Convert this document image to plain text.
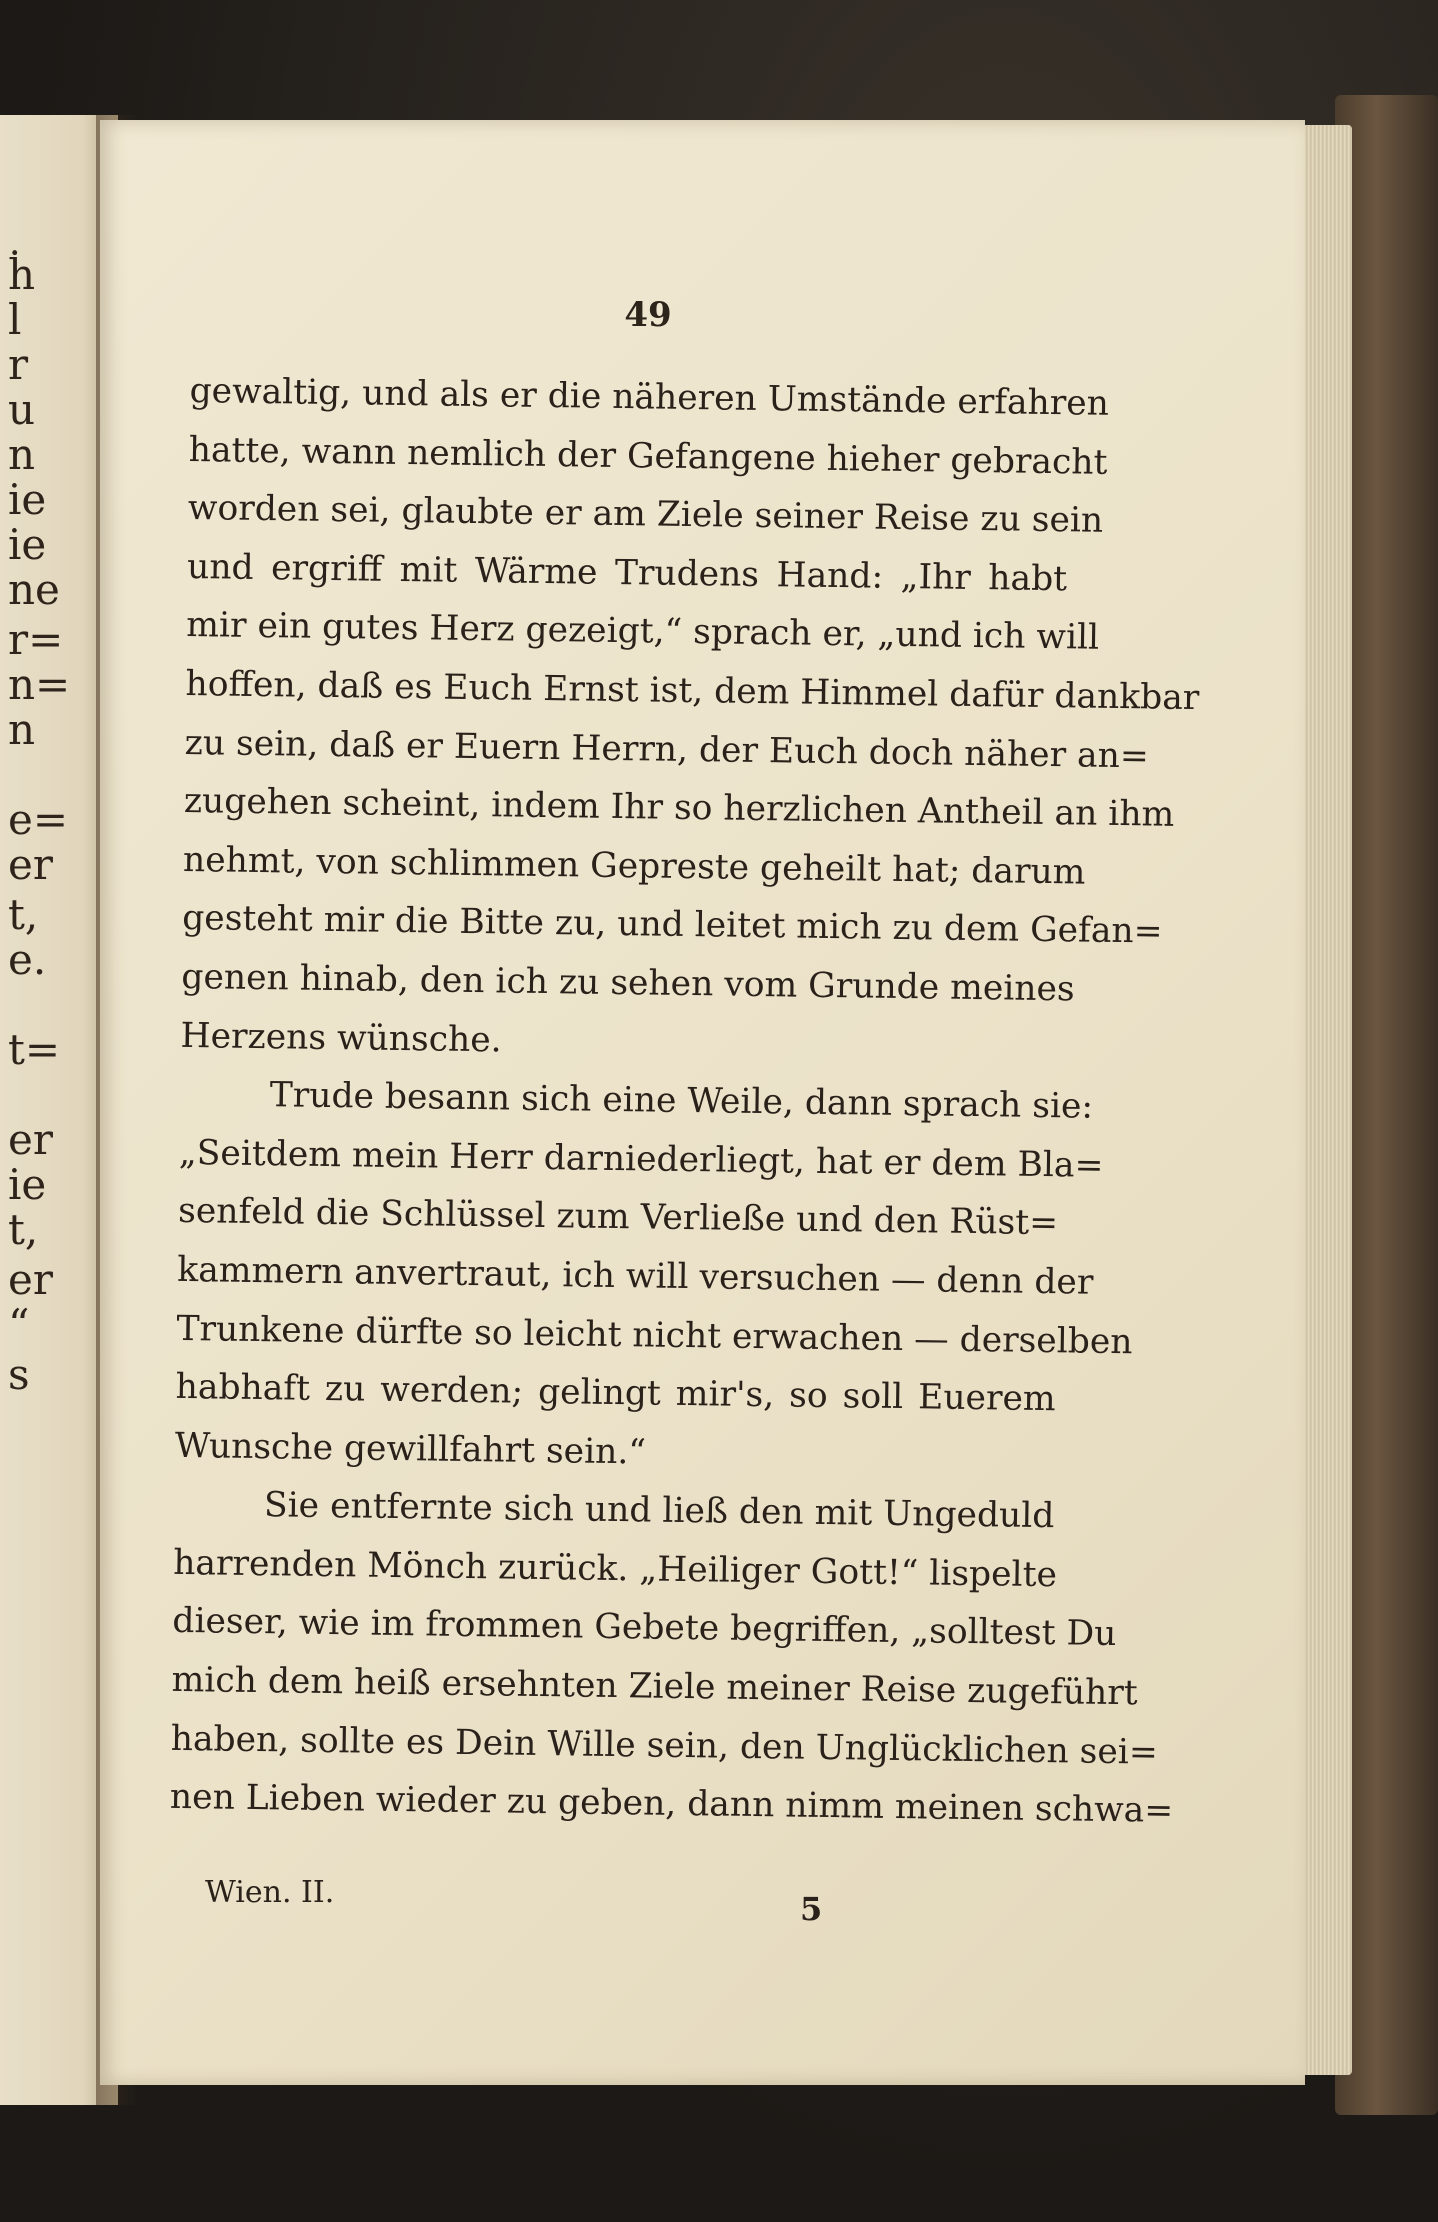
ḣ
l
r
u
n
ie
ie
ne
r=
n=
n
e=
er
t,
e.
t=
er
ie
t,
er
“
s
49
gewaltig, und als er die näheren Umstände erfahren
hatte, wann nemlich der Gefangene hieher gebracht
worden sei, glaubte er am Ziele seiner Reise zu sein
und ergriff mit Wärme Trudens Hand: „Ihr habt
mir ein gutes Herz gezeigt,“ sprach er, „und ich will
hoffen, daß es Euch Ernst ist, dem Himmel dafür dankbar
zu sein, daß er Euern Herrn, der Euch doch näher an=
zugehen scheint, indem Ihr so herzlichen Antheil an ihm
nehmt, von schlimmen Gepreste geheilt hat; darum
gesteht mir die Bitte zu, und leitet mich zu dem Gefan=
genen hinab, den ich zu sehen vom Grunde meines
Herzens wünsche.
Trude besann sich eine Weile, dann sprach sie:
„Seitdem mein Herr darniederliegt, hat er dem Bla=
senfeld die Schlüssel zum Verließe und den Rüst=
kammern anvertraut, ich will versuchen — denn der
Trunkene dürfte so leicht nicht erwachen — derselben
habhaft zu werden; gelingt mir's, so soll Euerem
Wunsche gewillfahrt sein.“
Sie entfernte sich und ließ den mit Ungeduld
harrenden Mönch zurück. „Heiliger Gott!“ lispelte
dieser, wie im frommen Gebete begriffen, „solltest Du
mich dem heiß ersehnten Ziele meiner Reise zugeführt
haben, sollte es Dein Wille sein, den Unglücklichen sei=
nen Lieben wieder zu geben, dann nimm meinen schwa=
Wien. II.	5
